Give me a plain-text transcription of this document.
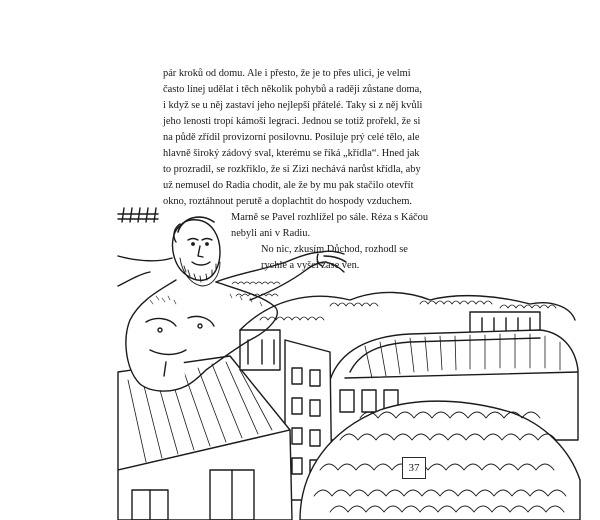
pár kroků od domu. Ale i přesto, že je to přes ulici, je velmi
často línej udělat i těch několik pohybů a raději zůstane doma,
i když se u něj zastaví jeho nejlepší přátelé. Taky si z něj kvůli
jeho lenosti tropí kámoši legraci. Jednou se totiž prořekl, že si
na půdě zřídil provizorní posilovnu. Posiluje prý celé tělo, ale
hlavně široký zádový sval, kterému se říká „křídla“. Hned jak
to prozradil, se rozkřiklo, že si Zizi nechává narůst křídla, aby
už nemusel do Radia chodit, ale že by mu pak stačilo otevřít
okno, roztáhnout perutě a doplachtit do hospody vzduchem.
Marně se Pavel rozhlížel po sále. Réza s Káčou
nebyli ani v Radiu.
No nic, zkusím Důchod, rozhodl se
rychle a vyšel zase ven.
37
